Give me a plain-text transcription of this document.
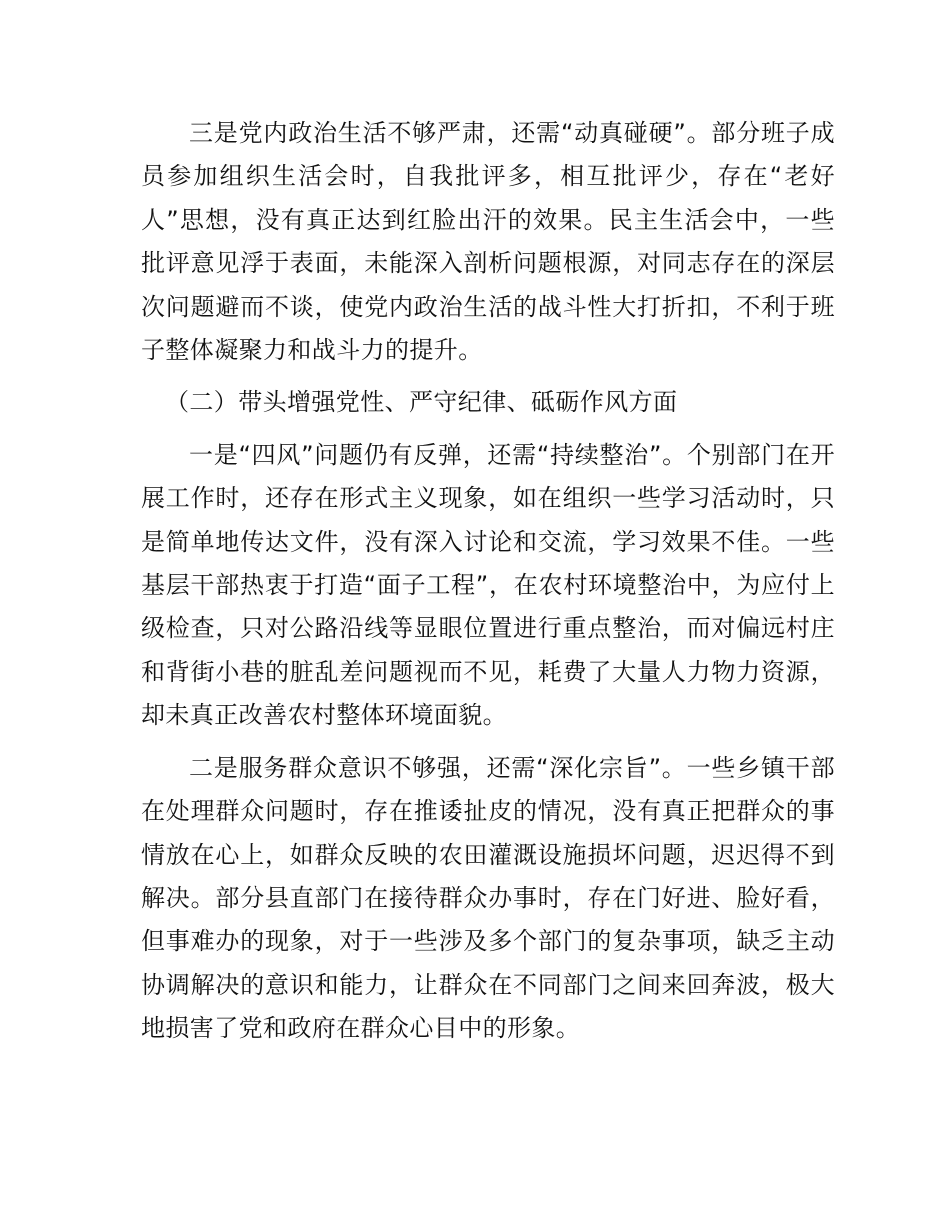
三是党内政治生活不够严肃，还需“动真碰硬”。部分班子成员参加组织生活会时，自我批评多，相互批评少，存在“老好人”思想，没有真正达到红脸出汗的效果。民主生活会中，一些批评意见浮于表面，未能深入剖析问题根源，对同志存在的深层次问题避而不谈，使党内政治生活的战斗性大打折扣，不利于班子整体凝聚力和战斗力的提升。

（二）带头增强党性、严守纪律、砥砺作风方面

一是“四风”问题仍有反弹，还需“持续整治”。个别部门在开展工作时，还存在形式主义现象，如在组织一些学习活动时，只是简单地传达文件，没有深入讨论和交流，学习效果不佳。一些基层干部热衷于打造“面子工程”，在农村环境整治中，为应付上级检查，只对公路沿线等显眼位置进行重点整治，而对偏远村庄和背街小巷的脏乱差问题视而不见，耗费了大量人力物力资源，却未真正改善农村整体环境面貌。

二是服务群众意识不够强，还需“深化宗旨”。一些乡镇干部在处理群众问题时，存在推诿扯皮的情况，没有真正把群众的事情放在心上，如群众反映的农田灌溉设施损坏问题，迟迟得不到解决。部分县直部门在接待群众办事时，存在门好进、脸好看，但事难办的现象，对于一些涉及多个部门的复杂事项，缺乏主动协调解决的意识和能力，让群众在不同部门之间来回奔波，极大地损害了党和政府在群众心目中的形象。
